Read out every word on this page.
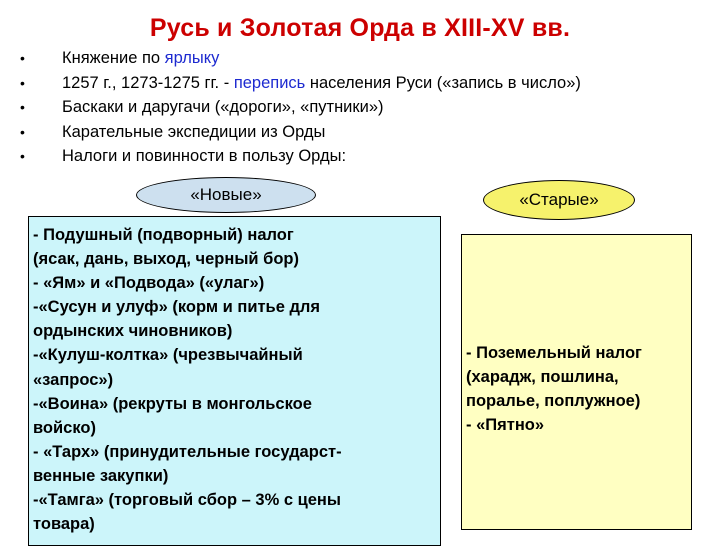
Русь и Золотая Орда в XIII-XV вв.
• Княжение по ярлыку
• 1257 г., 1273-1275 гг. - перепись населения Руси («запись в число»)
• Баскаки и даругачи («дороги», «путники»)
• Карательные экспедиции из Орды
• Налоги и повинности в пользу Орды:
«Новые»	«Старые»
- Подушный (подворный) налог
(ясак, дань, выход, черный бор)
- «Ям» и «Подвода» («улаг»)
-«Сусун и улуф» (корм и питье для
ордынских чиновников)
-«Кулуш-колтка» (чрезвычайный
«запрос»)
-«Воина» (рекруты в монгольское
войско)
- «Тарх» (принудительные государст-
венные закупки)
-«Тамга» (торговый сбор – 3% с цены
товара)
- Поземельный налог
(харадж, пошлина,
поралье, поплужное)
- «Пятно»
